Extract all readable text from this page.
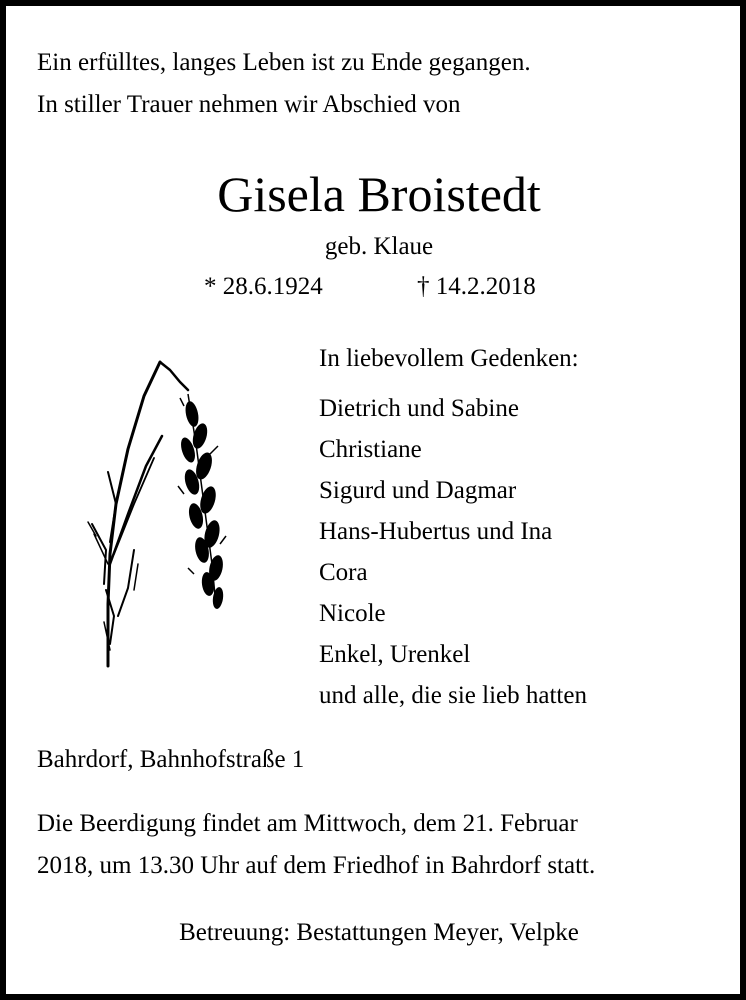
Ein erfülltes, langes Leben ist zu Ende gegangen.
In stiller Trauer nehmen wir Abschied von
Gisela Broistedt
geb. Klaue
* 28.6.1924	† 14.2.2018
In liebevollem Gedenken:
Dietrich und Sabine
Christiane
Sigurd und Dagmar
Hans-Hubertus und Ina
Cora
Nicole
Enkel, Urenkel
und alle, die sie lieb hatten
Bahrdorf, Bahnhofstraße 1
Die Beerdigung findet am Mittwoch, dem 21. Februar
2018, um 13.30 Uhr auf dem Friedhof in Bahrdorf statt.
Betreuung: Bestattungen Meyer, Velpke
